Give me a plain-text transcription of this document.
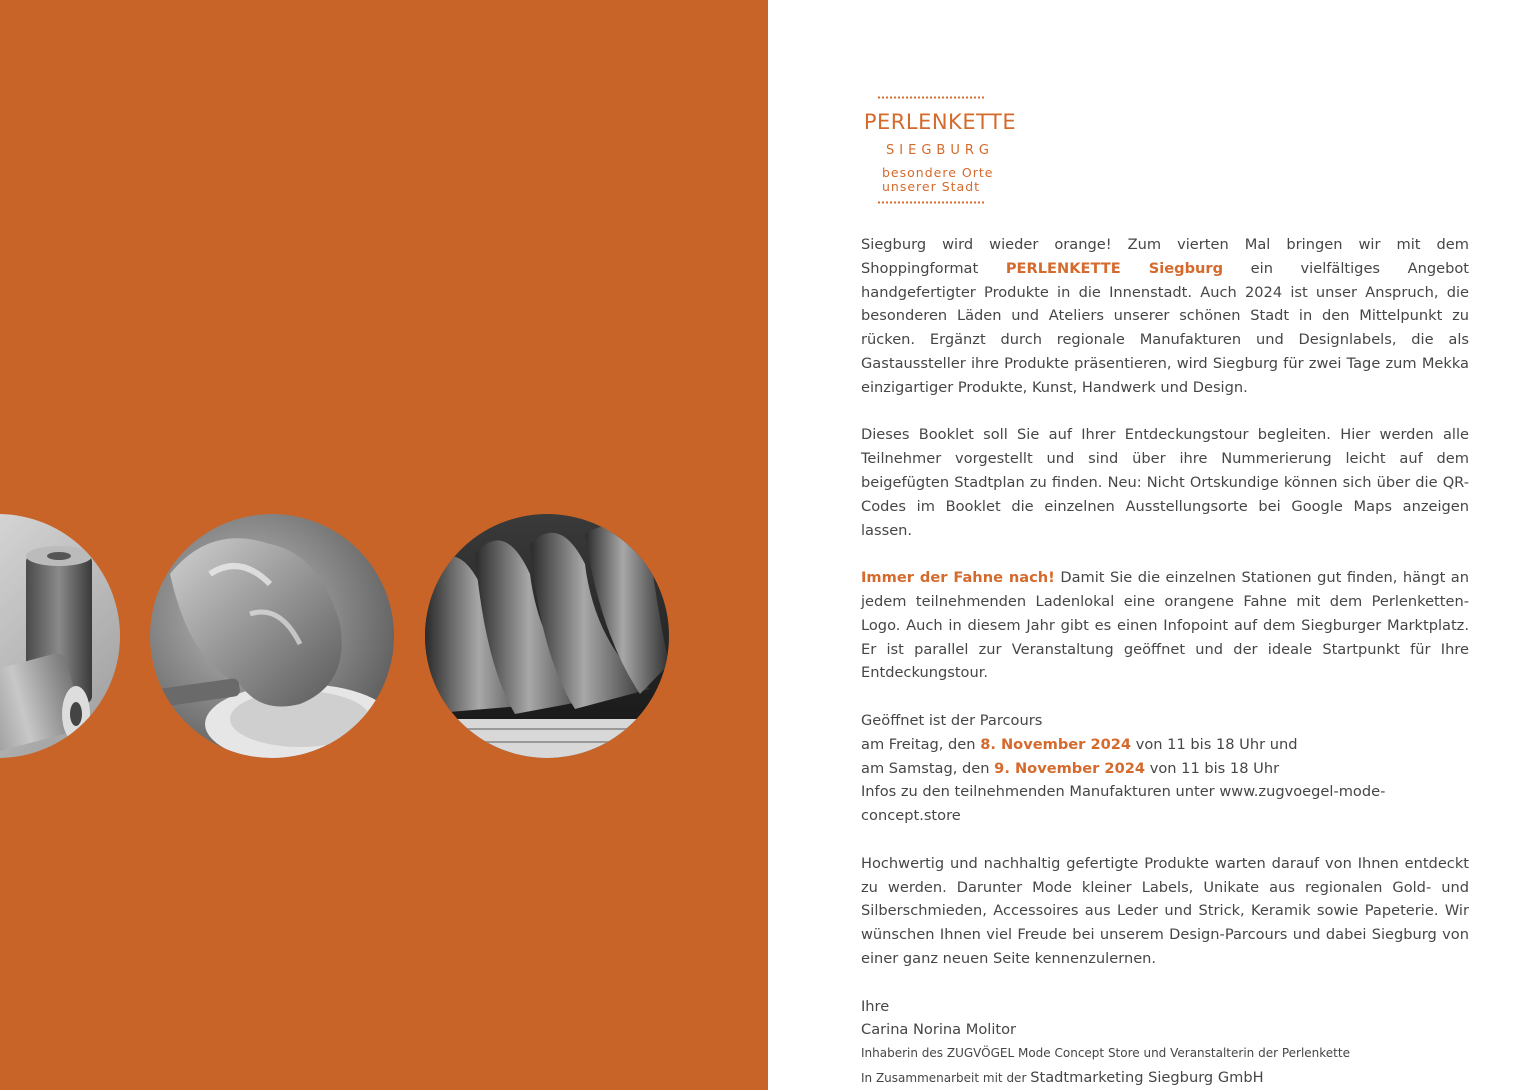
PERLENKETTE
SIEGBURG
besondere Orte unserer Stadt

Siegburg wird wieder orange! Zum vierten Mal bringen wir mit dem Shoppingformat PERLENKETTE Siegburg ein vielfältiges Angebot handgefertigter Produkte in die Innenstadt. Auch 2024 ist unser Anspruch, die besonderen Läden und Ateliers unserer schönen Stadt in den Mittelpunkt zu rücken. Ergänzt durch regionale Manufakturen und Designlabels, die als Gastaussteller ihre Produkte präsentieren, wird Siegburg für zwei Tage zum Mekka einzigartiger Produkte, Kunst, Handwerk und Design.

Dieses Booklet soll Sie auf Ihrer Entdeckungstour begleiten. Hier werden alle Teilnehmer vorgestellt und sind über ihre Nummerierung leicht auf dem beigefügten Stadtplan zu finden. Neu: Nicht Ortskundige können sich über die QR-Codes im Booklet die einzelnen Ausstellungsorte bei Google Maps anzeigen lassen.

Immer der Fahne nach! Damit Sie die einzelnen Stationen gut finden, hängt an jedem teilnehmenden Ladenlokal eine orangene Fahne mit dem Perlenketten-Logo. Auch in diesem Jahr gibt es einen Infopoint auf dem Siegburger Marktplatz. Er ist parallel zur Veranstaltung geöffnet und der ideale Startpunkt für Ihre Entdeckungstour.

Geöffnet ist der Parcours
am Freitag, den 8. November 2024 von 11 bis 18 Uhr und
am Samstag, den 9. November 2024 von 11 bis 18 Uhr
Infos zu den teilnehmenden Manufakturen unter www.zugvoegel-mode-concept.store

Hochwertig und nachhaltig gefertigte Produkte warten darauf von Ihnen entdeckt zu werden. Darunter Mode kleiner Labels, Unikate aus regionalen Gold- und Silberschmieden, Accessoires aus Leder und Strick, Keramik sowie Papeterie. Wir wünschen Ihnen viel Freude bei unserem Design-Parcours und dabei Siegburg von einer ganz neuen Seite kennenzulernen.

Ihre
Carina Norina Molitor
Inhaberin des ZUGVÖGEL Mode Concept Store und Veranstalterin der Perlenkette
In Zusammenarbeit mit der Stadtmarketing Siegburg GmbH
